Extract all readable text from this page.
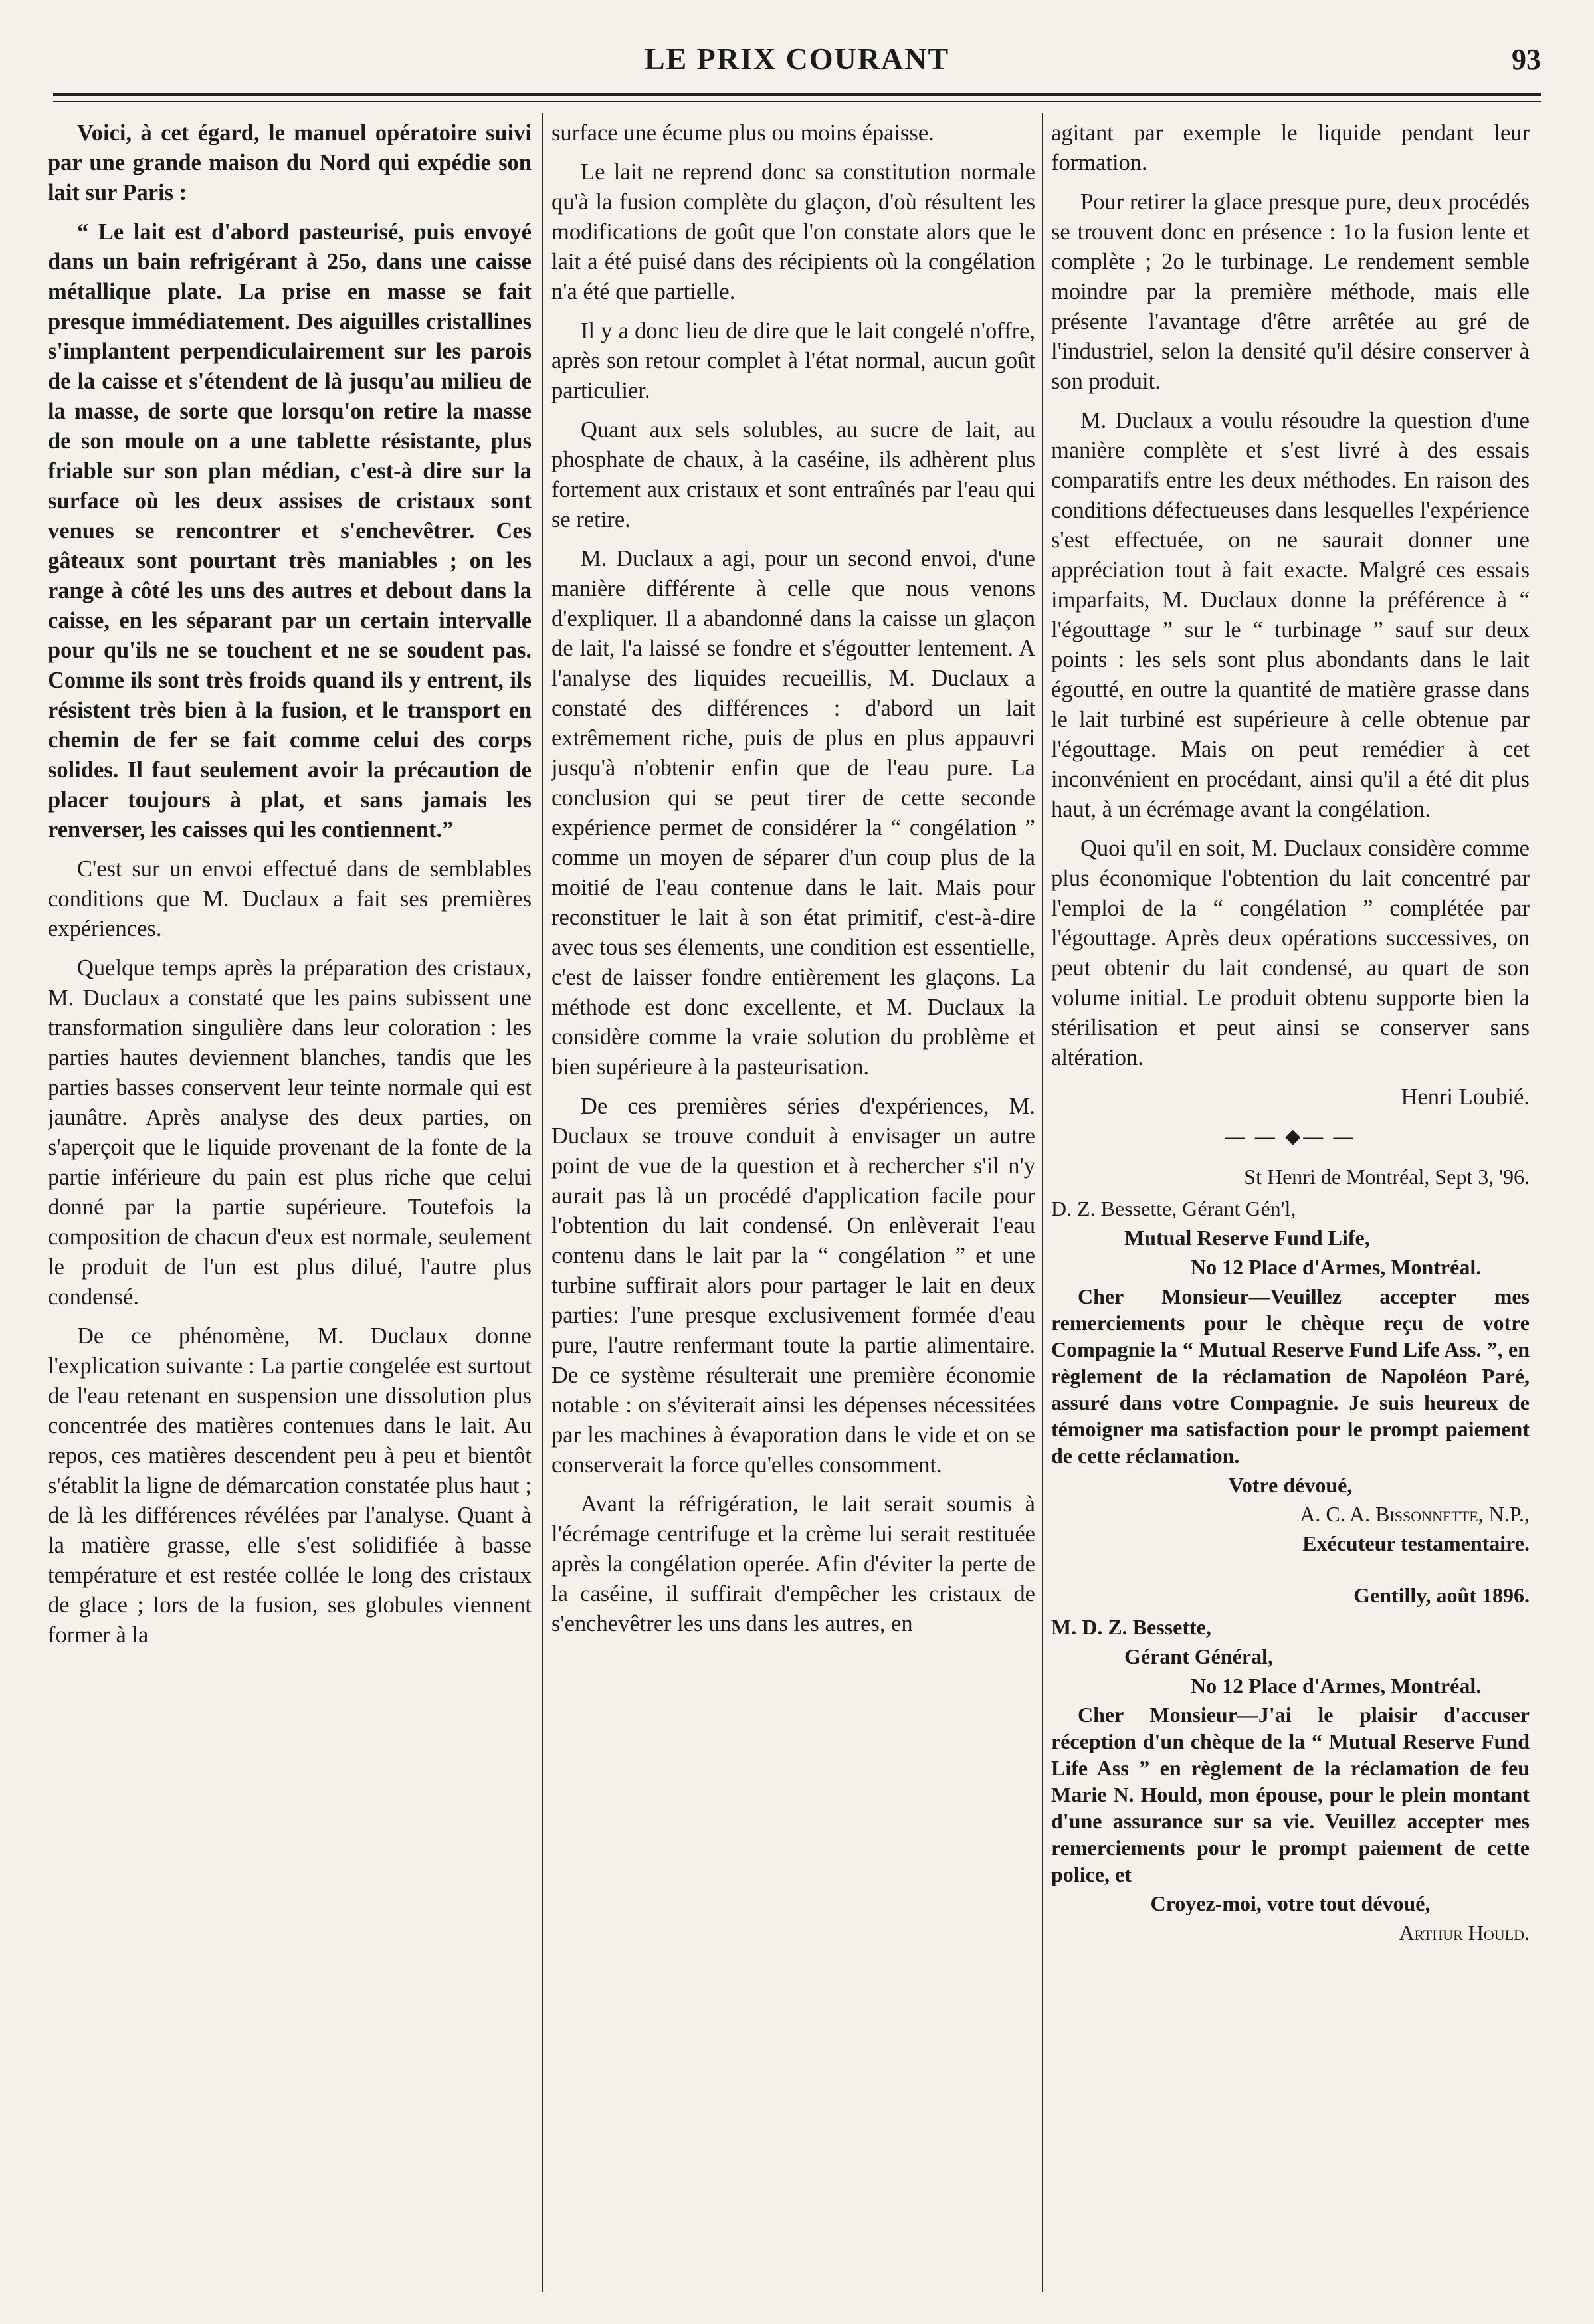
LE PRIX COURANT	93

Voici, à cet égard, le manuel opératoire suivi par une grande maison du Nord qui expédie son lait sur Paris :

“ Le lait est d'abord pasteurisé, puis envoyé dans un bain refrigérant à 25o, dans une caisse métallique plate. La prise en masse se fait presque immédiatement. Des aiguilles cristallines s'implantent perpendiculairement sur les parois de la caisse et s'étendent de là jusqu'au milieu de la masse, de sorte que lorsqu'on retire la masse de son moule on a une tablette résistante, plus friable sur son plan médian, c'est-à dire sur la surface où les deux assises de cristaux sont venues se rencontrer et s'enchevêtrer. Ces gâteaux sont pourtant très maniables ; on les range à côté les uns des autres et debout dans la caisse, en les séparant par un certain intervalle pour qu'ils ne se touchent et ne se soudent pas. Comme ils sont très froids quand ils y entrent, ils résistent très bien à la fusion, et le transport en chemin de fer se fait comme celui des corps solides. Il faut seulement avoir la précaution de placer toujours à plat, et sans jamais les renverser, les caisses qui les contiennent.”

C'est sur un envoi effectué dans de semblables conditions que M. Duclaux a fait ses premières expériences.

Quelque temps après la préparation des cristaux, M. Duclaux a constaté que les pains subissent une transformation singulière dans leur coloration : les parties hautes deviennent blanches, tandis que les parties basses conservent leur teinte normale qui est jaunâtre. Après analyse des deux parties, on s'aperçoit que le liquide provenant de la fonte de la partie inférieure du pain est plus riche que celui donné par la partie supérieure. Toutefois la composition de chacun d'eux est normale, seulement le produit de l'un est plus dilué, l'autre plus condensé.

De ce phénomène, M. Duclaux donne l'explication suivante : La partie congelée est surtout de l'eau retenant en suspension une dissolution plus concentrée des matières contenues dans le lait. Au repos, ces matières descendent peu à peu et bientôt s'établit la ligne de démarcation constatée plus haut ; de là les différences révélées par l'analyse. Quant à la matière grasse, elle s'est solidifiée à basse température et est restée collée le long des cristaux de glace ; lors de la fusion, ses globules viennent former à la

surface une écume plus ou moins épaisse.

Le lait ne reprend donc sa constitution normale qu'à la fusion complète du glaçon, d'où résultent les modifications de goût que l'on constate alors que le lait a été puisé dans des récipients où la congélation n'a été que partielle.

Il y a donc lieu de dire que le lait congelé n'offre, après son retour complet à l'état normal, aucun goût particulier.

Quant aux sels solubles, au sucre de lait, au phosphate de chaux, à la caséine, ils adhèrent plus fortement aux cristaux et sont entraînés par l'eau qui se retire.

M. Duclaux a agi, pour un second envoi, d'une manière différente à celle que nous venons d'expliquer. Il a abandonné dans la caisse un glaçon de lait, l'a laissé se fondre et s'égoutter lentement. A l'analyse des liquides recueillis, M. Duclaux a constaté des différences : d'abord un lait extrêmement riche, puis de plus en plus appauvri jusqu'à n'obtenir enfin que de l'eau pure. La conclusion qui se peut tirer de cette seconde expérience permet de considérer la “ congélation ” comme un moyen de séparer d'un coup plus de la moitié de l'eau contenue dans le lait. Mais pour reconstituer le lait à son état primitif, c'est-à-dire avec tous ses élements, une condition est essentielle, c'est de laisser fondre entièrement les glaçons. La méthode est donc excellente, et M. Duclaux la considère comme la vraie solution du problème et bien supérieure à la pasteurisation.

De ces premières séries d'expériences, M. Duclaux se trouve conduit à envisager un autre point de vue de la question et à rechercher s'il n'y aurait pas là un procédé d'application facile pour l'obtention du lait condensé. On enlèverait l'eau contenu dans le lait par la “ congélation ” et une turbine suffirait alors pour partager le lait en deux parties: l'une presque exclusivement formée d'eau pure, l'autre renfermant toute la partie alimentaire. De ce système résulterait une première économie notable : on s'éviterait ainsi les dépenses nécessitées par les machines à évaporation dans le vide et on se conserverait la force qu'elles consomment.

Avant la réfrigération, le lait serait soumis à l'écrémage centrifuge et la crème lui serait restituée après la congélation operée. Afin d'éviter la perte de la caséine, il suffirait d'empêcher les cristaux de s'enchevêtrer les uns dans les autres, en

agitant par exemple le liquide pendant leur formation.

Pour retirer la glace presque pure, deux procédés se trouvent donc en présence : 1o la fusion lente et complète ; 2o le turbinage. Le rendement semble moindre par la première méthode, mais elle présente l'avantage d'être arrêtée au gré de l'industriel, selon la densité qu'il désire conserver à son produit.

M. Duclaux a voulu résoudre la question d'une manière complète et s'est livré à des essais comparatifs entre les deux méthodes. En raison des conditions défectueuses dans lesquelles l'expérience s'est effectuée, on ne saurait donner une appréciation tout à fait exacte. Malgré ces essais imparfaits, M. Duclaux donne la préférence à “ l'égouttage ” sur le “ turbinage ” sauf sur deux points : les sels sont plus abondants dans le lait égoutté, en outre la quantité de matière grasse dans le lait turbiné est supérieure à celle obtenue par l'égouttage. Mais on peut remédier à cet inconvénient en procédant, ainsi qu'il a été dit plus haut, à un écrémage avant la congélation.

Quoi qu'il en soit, M. Duclaux considère comme plus économique l'obtention du lait concentré par l'emploi de la “ congélation ” complétée par l'égouttage. Après deux opérations successives, on peut obtenir du lait condensé, au quart de son volume initial. Le produit obtenu supporte bien la stérilisation et peut ainsi se conserver sans altération.

Henri Loubié.

— — ◆— —

St Henri de Montréal, Sept 3, '96.

D. Z. Bessette, Gérant Gén'l,

Mutual Reserve Fund Life,

No 12 Place d'Armes, Montréal.

Cher Monsieur—Veuillez accepter mes remerciements pour le chèque reçu de votre Compagnie la “ Mutual Reserve Fund Life Ass. ”, en règlement de la réclamation de Napoléon Paré, assuré dans votre Compagnie. Je suis heureux de témoigner ma satisfaction pour le prompt paiement de cette réclamation.

Votre dévoué,

A. C. A. Bissonnette, N.P.,

Exécuteur testamentaire.

Gentilly, août 1896.

M. D. Z. Bessette,

Gérant Général,

No 12 Place d'Armes, Montréal.

Cher Monsieur—J'ai le plaisir d'accuser réception d'un chèque de la “ Mutual Reserve Fund Life Ass ” en règlement de la réclamation de feu Marie N. Hould, mon épouse, pour le plein montant d'une assurance sur sa vie. Veuillez accepter mes remerciements pour le prompt paiement de cette police, et

Croyez-moi, votre tout dévoué,

Arthur Hould.
